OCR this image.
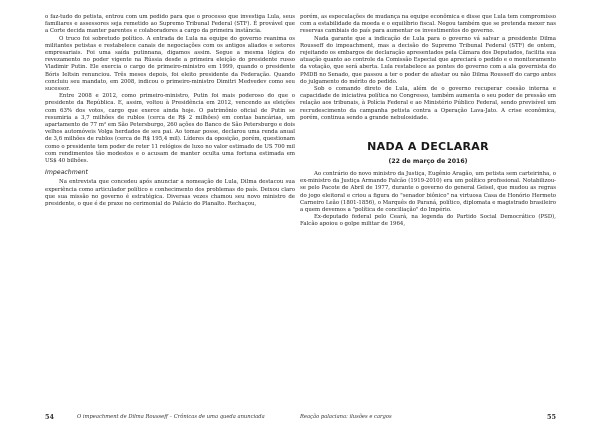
o faz-tudo do petista, entrou com um pedido para que o processo que investiga Lula, seus familiares e assessores seja remetido ao Supremo Tribunal Federal (STF). É provável que a Corte decida manter parentes e colaboradores a cargo da primeira instância.

O truco foi sobretudo político. A entrada de Lula na equipe do governo reanima os militantes petistas e restabelece canais de negociações com os antigos aliados e setores empresariais. Foi uma saída putinnana, digamos assim. Segue a mesma lógica do revezamento no poder vigente na Rússia desde a primeira eleição do presidente russo Vladimir Putin. Ele exercia o cargo de primeiro-ministro em 1999, quando o presidente Bóris Ieltsin renunciou. Três meses depois, foi eleito presidente da Federação. Quando concluiu seu mandato, em 2008, indicou o primeiro-ministro Dimitri Medvedev como seu sucessor.

Entre 2008 e 2012, como primeiro-ministro, Putin foi mais poderoso do que o presidente da República. E, assim, voltou à Presidência em 2012, vencendo as eleições com 63% dos votos, cargo que exerce ainda hoje. O patrimônio oficial de Putin se resumiria a 3,7 milhões de rublos (cerca de R$ 2 milhões) em contas bancárias, um apartamento de 77 m² em São Petersburgo, 260 ações do Banco de São Petersburgo e dois velhos automóveis Volga herdados de seu pai. Ao tomar posse, declarou uma renda anual de 3,6 milhões de rublos (cerca de R$ 195,4 mil). Líderes da oposição, porém, questionam como o presidente tem poder de reter 11 relógios de luxo no valor estimado de US 700 mil com rendimentos tão modestos e o acusam de manter oculta uma fortuna estimada em US$ 40 bilhões.

Impeachment

Na entrevista que concedeu após anunciar a nomeação de Lula, Dilma destacou sua experiência como articulador político e conhecimento dos problemas do país. Deixou claro que sua missão no governo é estratégica. Diversas vezes chamou seu novo ministro de presidente, o que é de praxe no cerimonial do Palácio do Planalto. Rechaçou,

porém, as especulações de mudança na equipe econômica e disse que Lula tem compromisso com a estabilidade da moeda e o equilíbrio fiscal. Negou também que se pretenda mexer nas reservas cambiais do país para aumentar os investimentos do governo.

Nada garante que a indicação de Lula para o governo vá salvar a presidente Dilma Rousseff do impeachment, mas a decisão do Supremo Tribunal Federal (STF) de ontem, rejeitando os embargos de declaração apresentados pela Câmara dos Deputados, facilita sua atuação quanto ao controle da Comissão Especial que apreciará o pedido e o monitoramento da votação, que será aberta. Lula restabelece as pontes do governo com a ala governista do PMDB no Senado, que passou a ter o poder de afastar ou não Dilma Rousseff do cargo antes do julgamento do mérito do pedido.

Sob o comando direto de Lula, além de o governo recuperar coesão interna e capacidade de iniciativa política no Congresso, também aumenta o seu poder de pressão em relação aos tribunais, à Polícia Federal e ao Ministério Público Federal, sendo previsível um recrudescimento da campanha petista contra a Operação Lava-Jato. A crise econômica, porém, continua sendo a grande nebulosidade.

NADA A DECLARAR
(22 de março de 2016)

Ao contrário do novo ministro da Justiça, Eugênio Aragão, um petista sem carteirinha, o ex-ministro da Justiça Armando Falcão (1919-2010) era um político profissional. Notabilizou-se pelo Pacote de Abril de 1977, durante o governo do general Geisel, que mudou as regras do jogo eleitoral e criou a figura do "senador biônico" na virtuosa Casa de Honório Hermeto Carneiro Leão (1801-1856), o Marquês do Paraná, político, diplomata e magistrado brasileiro a quem devemos a "política de conciliação" do Império.

Ex-deputado federal pelo Ceará, na legenda do Partido Social Democrático (PSD), Falcão apoiou o golpe militar de 1964,

54	O impeachment de Dilma Rousseff – Crônicas de uma queda anunciada	Reação palaciana: ilusões e cargos	55
